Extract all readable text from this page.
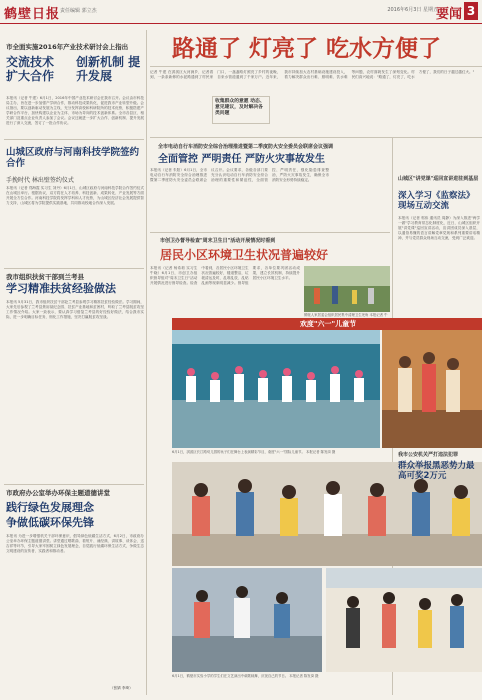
鹤壁日报 责任编辑 郭立杰	2016年6月3日 星期五
要闻 3
市全面实施2016年产业技术研讨会上指出
交流技术 扩大合作
创新机制 提升发展
本报讯（记者 牛建）6月1日，2016年中国产业技术研讨会在我市召开。会议由市科技局主办，旨在进一步加强产学研合作，推动科技成果转化，促进我市产业转型升级。会议指出，要以创新驱动发展为主线，充分发挥高校和科研院所的技术优势，积极搭建产学研合作平台，加快构建以企业为主体、市场为导向的技术创新体系。全市各县区、相关部门及重点企业负责人参加了会议。会议还就进一步扩大合作、创新机制、提升发展进行了深入交流，签订了一批合作协议。
山城区政府与河南科技学院签约合作
手挽时代 林出壁签约仪式
本报讯（记者 郑海霞 实习生 刘丹）6月1日，山城区政府与河南科技学院合作签约仪式在山城区举行。根据协议，双方将在人才培养、科技创新、成果转化、产业发展等方面开展全方位合作。河南科技学院将发挥学科和人才优势，为山城区经济社会发展提供智力支持，山城区将为学院提供实践基地，共同推动校地合作深入发展。
我市组织扶贫干部到兰考县
学习精准扶贫经验做法
本报讯 5月31日，我市组织扶贫干部赴兰考县参观学习精准扶贫经验做法。学习期间，大家先后参观了兰考县焦裕禄纪念园、扶贫产业基地和贫困村，听取了兰考县脱贫攻坚工作情况介绍。大家一致表示，要认真学习借鉴兰考县的好经验好做法，结合我市实际，进一步明确目标任务，细化工作措施，坚决打赢脱贫攻坚战。
市政府办公室举办环保主题道德讲堂
践行绿色发展理念
争做低碳环保先锋
本报讯 为进一步增强机关干部环保意识，倡导绿色低碳生活方式，6月2日，市政府办公室举办环保主题道德讲堂。讲堂通过唱歌曲、看短片、诵经典、讲故事、谈体会、送吉祥等环节，引导大家牢固树立绿色发展理念，自觉践行低碳环保生活方式，争做生态文明建设的宣传者、实践者和推动者。
（张婧 李琦）
路通了 灯亮了 吃水方便了
记者 牛建 在淇滨区大河涧乡，记者看到，一条条新修的水泥路通到了村民家门口，一盏盏路灯照亮了乡村的夜晚，自来水管道通到了千家万户。近年来，我市持续加大农村基础设施建设投入，着力解决群众出行难、照明难、饮水难等问题，农村面貌发生了深刻变化。村民们高兴地说："路通了，灯亮了，吃水方便了，我们的日子越过越红火。"
收集群众的意愿 动态、意见建议，及时解决各类问题
全市电动自行车消防安全综合治理推进暨第二季度防火安全委员会联席会议强调
全面管控 严明责任 严防火灾事故发生
本报讯（记者 朱阳）6月1日，全市电动自行车消防安全综合治理推进暨第二季度防火安全委员会联席会议召开。会议要求，各级各部门要充分认识电动自行车消防安全综合治理的重要性和紧迫性，全面管控、严明责任，强化隐患排查整治，严防火灾事故发生，确保全市消防安全形势持续稳定。
市创卫办督导检查"周末卫生日"活动开展情况时看到
居民小区环境卫生状况普遍较好
本报讯（记者 杨希莉 实习生 牛晓）6月1日，市创卫办组织督导组对"周末卫生日"活动开展情况进行督导检查。检查中看到，各居民小区环境卫生状况普遍较好，楼道整洁，垃圾清运及时，乱堆乱放、乱贴乱画等现象明显减少。督导组要求，各单位要巩固活动成果，建立长效机制，持续提升居民小区环境卫生水平。
鹤壁人家居委会组织居民集中清理卫生死角 本报记者 牛
欢度"六一"儿童节
6月1日，淇滨区长江路幼儿园的孩子们在舞台上表演精彩节目，欢度"六一"国际儿童节。 本报记者 陈发岗 摄
6月1日，鹤壁市实验小学的学生们在文艺演出中载歌载舞，庆祝自己的节日。 本报记者 陈发岗 摄
山城区"讲党课"巡回宣讲进驻到基层
深入学习《监察法》现场互动交流
本报讯（记者 郭伟 通讯员 周静）为深入推进"两学一做"学习教育常态化制度化，近日，山城区组织开展"讲党课"巡回宣讲活动，宣讲团成员深入基层，以通俗易懂的语言讲解党章党规和系列重要讲话精神，并与党员群众现场互动交流，受到广泛欢迎。
我市公安机关严打违法犯罪
群众举报黑恶势力最高可奖2万元
